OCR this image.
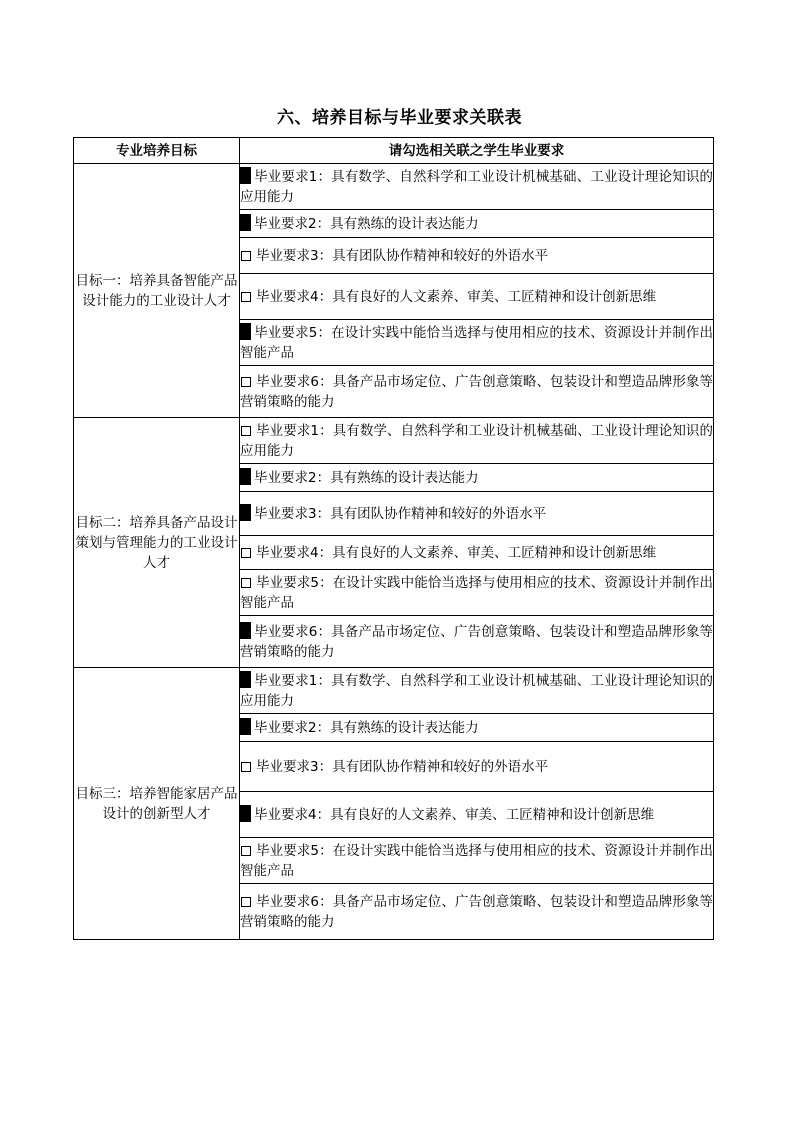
六、培养目标与毕业要求关联表
专业培养目标	请勾选相关联之学生毕业要求
目标一：培养具备智能产品设计能力的工业设计人才	毕业要求1：具有数学、自然科学和工业设计机械基础、工业设计理论知识的应用能力

	毕业要求2：具有熟练的设计表达能力

	毕业要求3：具有团队协作精神和较好的外语水平

	毕业要求4：具有良好的人文素养、审美、工匠精神和设计创新思维

	毕业要求5：在设计实践中能恰当选择与使用相应的技术、资源设计并制作出智能产品

	毕业要求6：具备产品市场定位、广告创意策略、包装设计和塑造品牌形象等营销策略的能力

目标二：培养具备产品设计策划与管理能力的工业设计人才	毕业要求1：具有数学、自然科学和工业设计机械基础、工业设计理论知识的应用能力

	毕业要求2：具有熟练的设计表达能力

	毕业要求3：具有团队协作精神和较好的外语水平

	毕业要求4：具有良好的人文素养、审美、工匠精神和设计创新思维

	毕业要求5：在设计实践中能恰当选择与使用相应的技术、资源设计并制作出智能产品

	毕业要求6：具备产品市场定位、广告创意策略、包装设计和塑造品牌形象等营销策略的能力

目标三：培养智能家居产品设计的创新型人才	毕业要求1：具有数学、自然科学和工业设计机械基础、工业设计理论知识的应用能力

	毕业要求2：具有熟练的设计表达能力

	毕业要求3：具有团队协作精神和较好的外语水平

	毕业要求4：具有良好的人文素养、审美、工匠精神和设计创新思维

	毕业要求5：在设计实践中能恰当选择与使用相应的技术、资源设计并制作出智能产品

	毕业要求6：具备产品市场定位、广告创意策略、包装设计和塑造品牌形象等营销策略的能力
